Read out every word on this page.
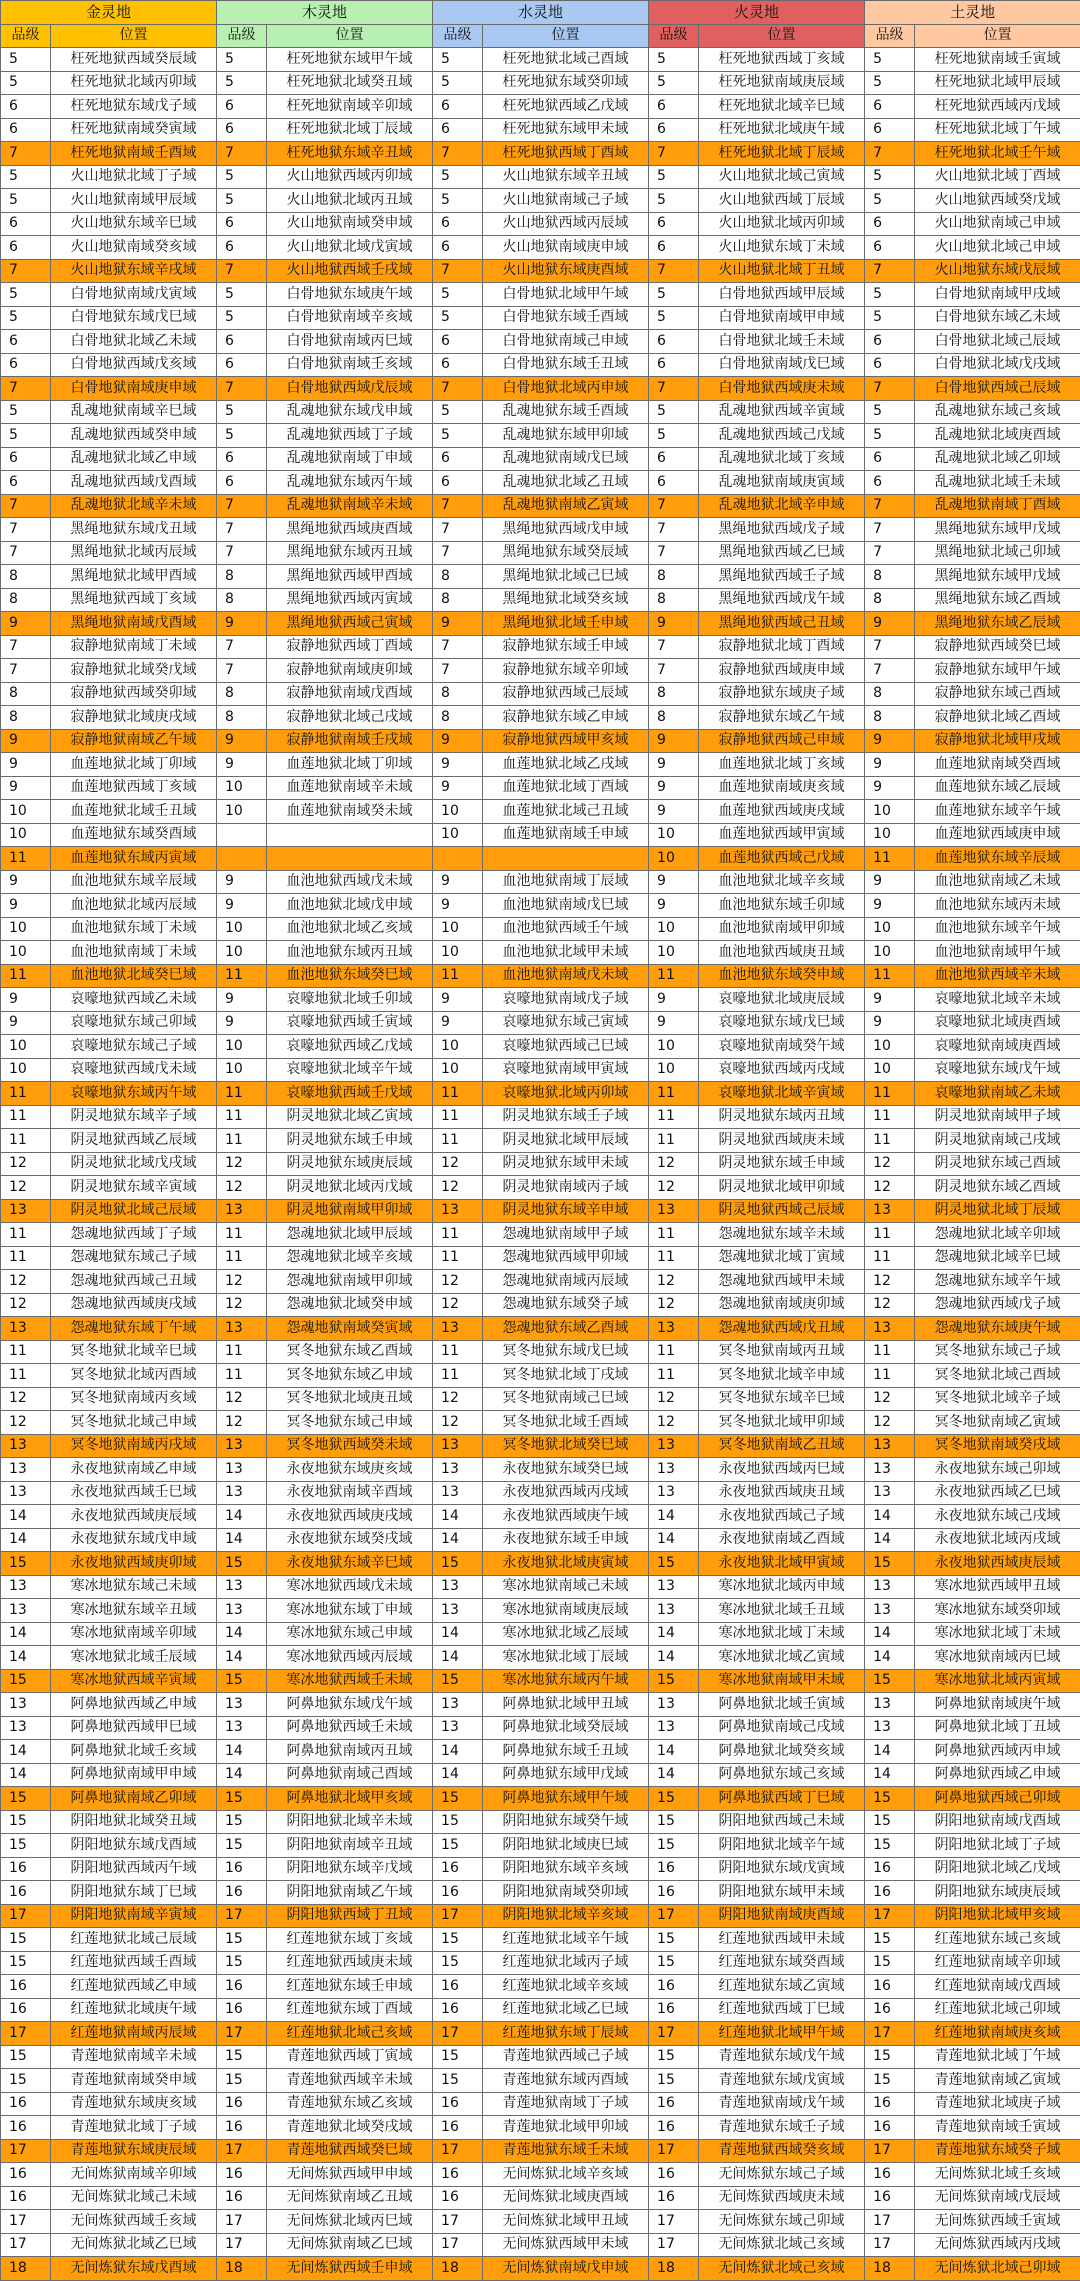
金灵地		木灵地		水灵地		火灵地		土灵地	
品级	位置	品级	位置	品级	位置	品级	位置	品级	位置
5	枉死地狱西域癸辰域	5	枉死地狱东域甲午域	5	枉死地狱北域己酉域	5	枉死地狱西域丁亥域	5	枉死地狱南域壬寅域
5	枉死地狱北域丙卯域	5	枉死地狱北域癸丑域	5	枉死地狱东域癸卯域	5	枉死地狱南域庚辰域	5	枉死地狱北域甲辰域
6	枉死地狱东域戊子域	6	枉死地狱南域辛卯域	6	枉死地狱西域乙戊域	6	枉死地狱北域辛巳域	6	枉死地狱西域丙戊域
6	枉死地狱南域癸寅域	6	枉死地狱北域丁辰域	6	枉死地狱东域甲未域	6	枉死地狱北域庚午域	6	枉死地狱北域丁午域
7	枉死地狱南域壬酉域	7	枉死地狱东域辛丑域	7	枉死地狱西域丁酉域	7	枉死地狱北域丁辰域	7	枉死地狱北域壬午域
5	火山地狱北域丁子域	5	火山地狱西域丙卯域	5	火山地狱东域辛丑域	5	火山地狱北域己寅域	5	火山地狱北域丁酉域
5	火山地狱南域甲辰域	5	火山地狱北域丙丑域	5	火山地狱南域己子域	5	火山地狱西域丁辰域	5	火山地狱西域癸戊域
6	火山地狱东域辛巳域	6	火山地狱南域癸申域	6	火山地狱西域丙辰域	6	火山地狱北域丙卯域	6	火山地狱南域己申域
6	火山地狱南域癸亥域	6	火山地狱北域戊寅域	6	火山地狱南域庚申域	6	火山地狱东域丁未域	6	火山地狱北域己申域
7	火山地狱东域辛戌域	7	火山地狱西域壬戌域	7	火山地狱东域庚酉域	7	火山地狱北域丁丑域	7	火山地狱东域戊辰域
5	白骨地狱南域戊寅域	5	白骨地狱东域庚午域	5	白骨地狱北域甲午域	5	白骨地狱西域甲辰域	5	白骨地狱南域甲戌域
5	白骨地狱东域戊巳域	5	白骨地狱南域辛亥域	5	白骨地狱东域壬酉域	5	白骨地狱南域甲申域	5	白骨地狱东域乙未域
6	白骨地狱北域乙未域	6	白骨地狱南域丙巳域	6	白骨地狱南域己申域	6	白骨地狱北域壬未域	6	白骨地狱北域己辰域
6	白骨地狱西域戊亥域	6	白骨地狱南域壬亥域	6	白骨地狱东域壬丑域	6	白骨地狱南域戊巳域	6	白骨地狱北域戊戌域
7	白骨地狱南域庚申域	7	白骨地狱西域戊辰域	7	白骨地狱北域丙申域	7	白骨地狱西域庚未域	7	白骨地狱西域己辰域
5	乱魂地狱南域辛巳域	5	乱魂地狱东域戊申域	5	乱魂地狱东域壬酉域	5	乱魂地狱西域辛寅域	5	乱魂地狱东域己亥域
5	乱魂地狱西域癸申域	5	乱魂地狱西域丁子域	5	乱魂地狱东域甲卯域	5	乱魂地狱西域己戊域	5	乱魂地狱北域庚酉域
6	乱魂地狱北域乙申域	6	乱魂地狱南域丁申域	6	乱魂地狱南域戊巳域	6	乱魂地狱北域丁亥域	6	乱魂地狱北域乙卯域
6	乱魂地狱西域戊酉域	6	乱魂地狱东域丙午域	6	乱魂地狱北域乙丑域	6	乱魂地狱南域庚寅域	6	乱魂地狱北域壬未域
7	乱魂地狱北域辛未域	7	乱魂地狱南域辛未域	7	乱魂地狱南域乙寅域	7	乱魂地狱北域辛申域	7	乱魂地狱南域丁酉域
7	黑绳地狱东域戊丑域	7	黑绳地狱西域庚酉域	7	黑绳地狱西域戊申域	7	黑绳地狱西域戊子域	7	黑绳地狱东域甲戊域
7	黑绳地狱北域丙辰域	7	黑绳地狱东域丙丑域	7	黑绳地狱东域癸辰域	7	黑绳地狱西域乙巳域	7	黑绳地狱北域己卯域
8	黑绳地狱北域甲酉域	8	黑绳地狱西域甲酉域	8	黑绳地狱北域己巳域	8	黑绳地狱西域壬子域	8	黑绳地狱东域甲戊域
8	黑绳地狱西域丁亥域	8	黑绳地狱西域丙寅域	8	黑绳地狱北域癸亥域	8	黑绳地狱西域戊午域	8	黑绳地狱东域乙酉域
9	黑绳地狱南域戊酉域	9	黑绳地狱西域己寅域	9	黑绳地狱北域壬申域	9	黑绳地狱西域己丑域	9	黑绳地狱东域乙辰域
7	寂静地狱南域丁未域	7	寂静地狱西域丁酉域	7	寂静地狱东域壬申域	7	寂静地狱北域丁酉域	7	寂静地狱西域癸巳域
7	寂静地狱北域癸戊域	7	寂静地狱南域庚卯域	7	寂静地狱东域辛卯域	7	寂静地狱西域庚申域	7	寂静地狱东域甲午域
8	寂静地狱西域癸卯域	8	寂静地狱南域戊酉域	8	寂静地狱西域己辰域	8	寂静地狱东域庚子域	8	寂静地狱东域己酉域
8	寂静地狱北域庚戌域	8	寂静地狱北域己戌域	8	寂静地狱东域乙申域	8	寂静地狱东域乙午域	8	寂静地狱北域乙酉域
9	寂静地狱南域乙午域	9	寂静地狱南域壬戌域	9	寂静地狱西域甲亥域	9	寂静地狱西域己申域	9	寂静地狱北域甲戌域
9	血莲地狱北域丁卯域	9	血莲地狱北域丁卯域	9	血莲地狱北域乙戌域	9	血莲地狱北域丁亥域	9	血莲地狱南域癸酉域
9	血莲地狱西域丁亥域	10	血莲地狱南域辛未域	9	血莲地狱北域丁酉域	9	血莲地狱南域庚亥域	9	血莲地狱东域乙辰域
10	血莲地狱北域壬丑域	10	血莲地狱南域癸未域	10	血莲地狱北域己丑域	9	血莲地狱西域庚戌域	10	血莲地狱东域辛午域
10	血莲地狱东域癸酉域			10	血莲地狱南域壬申域	10	血莲地狱西域甲寅域	10	血莲地狱西域庚申域
11	血莲地狱东域丙寅域					10	血莲地狱西域己戊域	11	血莲地狱东域辛辰域
9	血池地狱东域辛辰域	9	血池地狱西域戊未域	9	血池地狱南域丁辰域	9	血池地狱北域辛亥域	9	血池地狱南域乙未域
9	血池地狱北域丙辰域	9	血池地狱北域戊申域	9	血池地狱南域戊巳域	9	血池地狱东域壬卯域	9	血池地狱东域丙未域
10	血池地狱东域丁未域	10	血池地狱北域乙亥域	10	血池地狱西域壬午域	10	血池地狱南域甲卯域	10	血池地狱东域辛午域
10	血池地狱南域丁未域	10	血池地狱东域丙丑域	10	血池地狱北域甲未域	10	血池地狱西域庚丑域	10	血池地狱南域甲午域
11	血池地狱北域癸巳域	11	血池地狱东域癸巳域	11	血池地狱南域戊未域	11	血池地狱东域癸申域	11	血池地狱西域辛未域
9	哀嚎地狱西域乙未域	9	哀嚎地狱北域壬卯域	9	哀嚎地狱南域戊子域	9	哀嚎地狱北域庚辰域	9	哀嚎地狱北域辛未域
9	哀嚎地狱东域己卯域	9	哀嚎地狱西域壬寅域	9	哀嚎地狱东域己寅域	9	哀嚎地狱东域戊巳域	9	哀嚎地狱北域庚酉域
10	哀嚎地狱东域己子域	10	哀嚎地狱西域乙戊域	10	哀嚎地狱西域己巳域	10	哀嚎地狱南域癸午域	10	哀嚎地狱南域庚酉域
10	哀嚎地狱西域戊未域	10	哀嚎地狱北域辛午域	10	哀嚎地狱南域甲寅域	10	哀嚎地狱西域丙戌域	10	哀嚎地狱东域戊午域
11	哀嚎地狱东域丙午域	11	哀嚎地狱西域壬戊域	11	哀嚎地狱北域丙卯域	11	哀嚎地狱北域辛寅域	11	哀嚎地狱南域乙未域
11	阴灵地狱东域辛子域	11	阴灵地狱北域乙寅域	11	阴灵地狱东域壬子域	11	阴灵地狱东域丙丑域	11	阴灵地狱南域甲子域
11	阴灵地狱西域乙辰域	11	阴灵地狱东域壬申域	11	阴灵地狱北域甲辰域	11	阴灵地狱西域庚未域	11	阴灵地狱南域己戌域
12	阴灵地狱北域戊戌域	12	阴灵地狱东域庚辰域	12	阴灵地狱东域甲未域	12	阴灵地狱东域壬申域	12	阴灵地狱东域己酉域
12	阴灵地狱东域辛寅域	12	阴灵地狱北域丙戊域	12	阴灵地狱南域丙子域	12	阴灵地狱北域甲卯域	12	阴灵地狱东域乙酉域
13	阴灵地狱北域己辰域	13	阴灵地狱南域甲卯域	13	阴灵地狱东域辛申域	13	阴灵地狱西域己辰域	13	阴灵地狱北域丁辰域
11	怨魂地狱西域丁子域	11	怨魂地狱北域甲辰域	11	怨魂地狱南域甲子域	11	怨魂地狱东域辛未域	11	怨魂地狱北域辛卯域
11	怨魂地狱东域己子域	11	怨魂地狱北域辛亥域	11	怨魂地狱西域甲卯域	11	怨魂地狱北域丁寅域	11	怨魂地狱北域辛巳域
12	怨魂地狱西域己丑域	12	怨魂地狱南域甲卯域	12	怨魂地狱南域丙辰域	12	怨魂地狱西域甲未域	12	怨魂地狱东域辛午域
12	怨魂地狱西域庚戌域	12	怨魂地狱北域癸申域	12	怨魂地狱东域癸子域	12	怨魂地狱南域庚卯域	12	怨魂地狱西域戊子域
13	怨魂地狱东域丁午域	13	怨魂地狱南域癸寅域	13	怨魂地狱东域乙酉域	13	怨魂地狱西域戊丑域	13	怨魂地狱东域庚午域
11	冥冬地狱北域辛巳域	11	冥冬地狱东域乙酉域	11	冥冬地狱东域戊巳域	11	冥冬地狱南域丙丑域	11	冥冬地狱东域己子域
11	冥冬地狱北域丙酉域	11	冥冬地狱东域乙申域	11	冥冬地狱北域丁戌域	11	冥冬地狱北域辛申域	11	冥冬地狱北域己酉域
12	冥冬地狱南域丙亥域	12	冥冬地狱北域庚丑域	12	冥冬地狱南域己巳域	12	冥冬地狱东域辛巳域	12	冥冬地狱北域辛子域
12	冥冬地狱北域己申域	12	冥冬地狱东域己申域	12	冥冬地狱北域壬酉域	12	冥冬地狱北域甲卯域	12	冥冬地狱南域乙寅域
13	冥冬地狱南域丙戌域	13	冥冬地狱西域癸未域	13	冥冬地狱北域癸巳域	13	冥冬地狱南域乙丑域	13	冥冬地狱南域癸戌域
13	永夜地狱南域乙申域	13	永夜地狱东域庚亥域	13	永夜地狱东域癸巳域	13	永夜地狱西域丙巳域	13	永夜地狱东域己卯域
13	永夜地狱西域壬巳域	13	永夜地狱南域辛酉域	13	永夜地狱西域丙戌域	13	永夜地狱西域庚丑域	13	永夜地狱西域乙巳域
14	永夜地狱西域庚辰域	14	永夜地狱西域庚戌域	14	永夜地狱西域庚午域	14	永夜地狱西域己子域	14	永夜地狱东域己戌域
14	永夜地狱东域戊申域	14	永夜地狱东域癸戌域	14	永夜地狱东域壬申域	14	永夜地狱南域乙酉域	14	永夜地狱北域丙戌域
15	永夜地狱西域庚卯域	15	永夜地狱东域辛巳域	15	永夜地狱北域庚寅域	15	永夜地狱北域甲寅域	15	永夜地狱西域庚辰域
13	寒冰地狱东域己未域	13	寒冰地狱西域戊未域	13	寒冰地狱南域己未域	13	寒冰地狱北域丙申域	13	寒冰地狱西域甲丑域
13	寒冰地狱东域辛丑域	13	寒冰地狱东域丁申域	13	寒冰地狱南域庚辰域	13	寒冰地狱北域壬丑域	13	寒冰地狱东域癸卯域
14	寒冰地狱南域辛卯域	14	寒冰地狱东域己申域	14	寒冰地狱北域乙辰域	14	寒冰地狱北域丁未域	14	寒冰地狱北域丁未域
14	寒冰地狱北域壬辰域	14	寒冰地狱西域丙辰域	14	寒冰地狱北域丁辰域	14	寒冰地狱北域乙寅域	14	寒冰地狱南域丙巳域
15	寒冰地狱西域辛寅域	15	寒冰地狱西域壬未域	15	寒冰地狱东域丙午域	15	寒冰地狱南域甲未域	15	寒冰地狱北域丙寅域
13	阿鼻地狱西域乙申域	13	阿鼻地狱东域戊午域	13	阿鼻地狱北域甲丑域	13	阿鼻地狱北域壬寅域	13	阿鼻地狱南域庚午域
13	阿鼻地狱西域甲巳域	13	阿鼻地狱西域壬未域	13	阿鼻地狱北域癸辰域	13	阿鼻地狱南域己戌域	13	阿鼻地狱北域丁丑域
14	阿鼻地狱北域壬亥域	14	阿鼻地狱南域丙丑域	14	阿鼻地狱东域壬丑域	14	阿鼻地狱北域癸亥域	14	阿鼻地狱西域丙申域
14	阿鼻地狱南域甲申域	14	阿鼻地狱南域己酉域	14	阿鼻地狱东域甲戊域	14	阿鼻地狱东域己亥域	14	阿鼻地狱西域乙申域
15	阿鼻地狱南域乙卯域	15	阿鼻地狱北域甲亥域	15	阿鼻地狱东域甲午域	15	阿鼻地狱西域丁巳域	15	阿鼻地狱西域己卯域
15	阴阳地狱北域癸丑域	15	阴阳地狱北域辛未域	15	阴阳地狱东域癸午域	15	阴阳地狱西域己未域	15	阴阳地狱南域戊酉域
15	阴阳地狱东域戊酉域	15	阴阳地狱南域辛丑域	15	阴阳地狱北域庚巳域	15	阴阳地狱北域辛午域	15	阴阳地狱北域丁子域
16	阴阳地狱西域丙午域	16	阴阳地狱东域辛戊域	16	阴阳地狱东域辛亥域	16	阴阳地狱东域戊寅域	16	阴阳地狱北域乙戊域
16	阴阳地狱东域丁巳域	16	阴阳地狱南域乙午域	16	阴阳地狱南域癸卯域	16	阴阳地狱东域甲未域	16	阴阳地狱东域庚辰域
17	阴阳地狱南域辛寅域	17	阴阳地狱西域丁丑域	17	阴阳地狱北域辛亥域	17	阴阳地狱南域庚酉域	17	阴阳地狱北域甲亥域
15	红莲地狱北域己辰域	15	红莲地狱东域丁亥域	15	红莲地狱北域辛午域	15	红莲地狱西域甲未域	15	红莲地狱东域己亥域
15	红莲地狱西域壬酉域	15	红莲地狱西域庚未域	15	红莲地狱北域丙子域	15	红莲地狱东域癸酉域	15	红莲地狱南域辛卯域
16	红莲地狱西域乙申域	16	红莲地狱东域壬申域	16	红莲地狱北域辛亥域	16	红莲地狱东域乙寅域	16	红莲地狱南域戊酉域
16	红莲地狱北域庚午域	16	红莲地狱东域丁酉域	16	红莲地狱北域乙巳域	16	红莲地狱西域丁巳域	16	红莲地狱北域己卯域
17	红莲地狱南域丙辰域	17	红莲地狱北域己亥域	17	红莲地狱东域丁辰域	17	红莲地狱北域甲午域	17	红莲地狱南域庚亥域
15	青莲地狱南域辛未域	15	青莲地狱西域丁寅域	15	青莲地狱西域己子域	15	青莲地狱东域戊午域	15	青莲地狱北域丁午域
15	青莲地狱南域癸申域	15	青莲地狱西域辛未域	15	青莲地狱东域丙酉域	15	青莲地狱东域戊寅域	15	青莲地狱南域乙寅域
16	青莲地狱东域庚亥域	16	青莲地狱东域乙亥域	16	青莲地狱南域丁子域	16	青莲地狱南域戊午域	16	青莲地狱北域庚子域
16	青莲地狱北域丁子域	16	青莲地狱北域癸戌域	16	青莲地狱北域甲卯域	16	青莲地狱东域壬子域	16	青莲地狱南域壬寅域
17	青莲地狱东域庚辰域	17	青莲地狱西域癸巳域	17	青莲地狱东域壬未域	17	青莲地狱西域癸亥域	17	青莲地狱东域癸子域
16	无间炼狱南域辛卯域	16	无间炼狱西域甲申域	16	无间炼狱北域辛亥域	16	无间炼狱东域己子域	16	无间炼狱北域壬亥域
16	无间炼狱北域己未域	16	无间炼狱南域乙丑域	16	无间炼狱北域庚酉域	16	无间炼狱西域庚未域	16	无间炼狱南域戊辰域
17	无间炼狱西域壬亥域	17	无间炼狱北域丙巳域	17	无间炼狱北域甲丑域	17	无间炼狱东域己卯域	17	无间炼狱西域壬寅域
17	无间炼狱北域乙巳域	17	无间炼狱南域乙巳域	17	无间炼狱西域甲未域	17	无间炼狱北域己亥域	17	无间炼狱西域丙戌域
18	无间炼狱东域戊酉域	18	无间炼狱西域壬申域	18	无间炼狱南域戊申域	18	无间炼狱北域己亥域	18	无间炼狱北域己卯域
